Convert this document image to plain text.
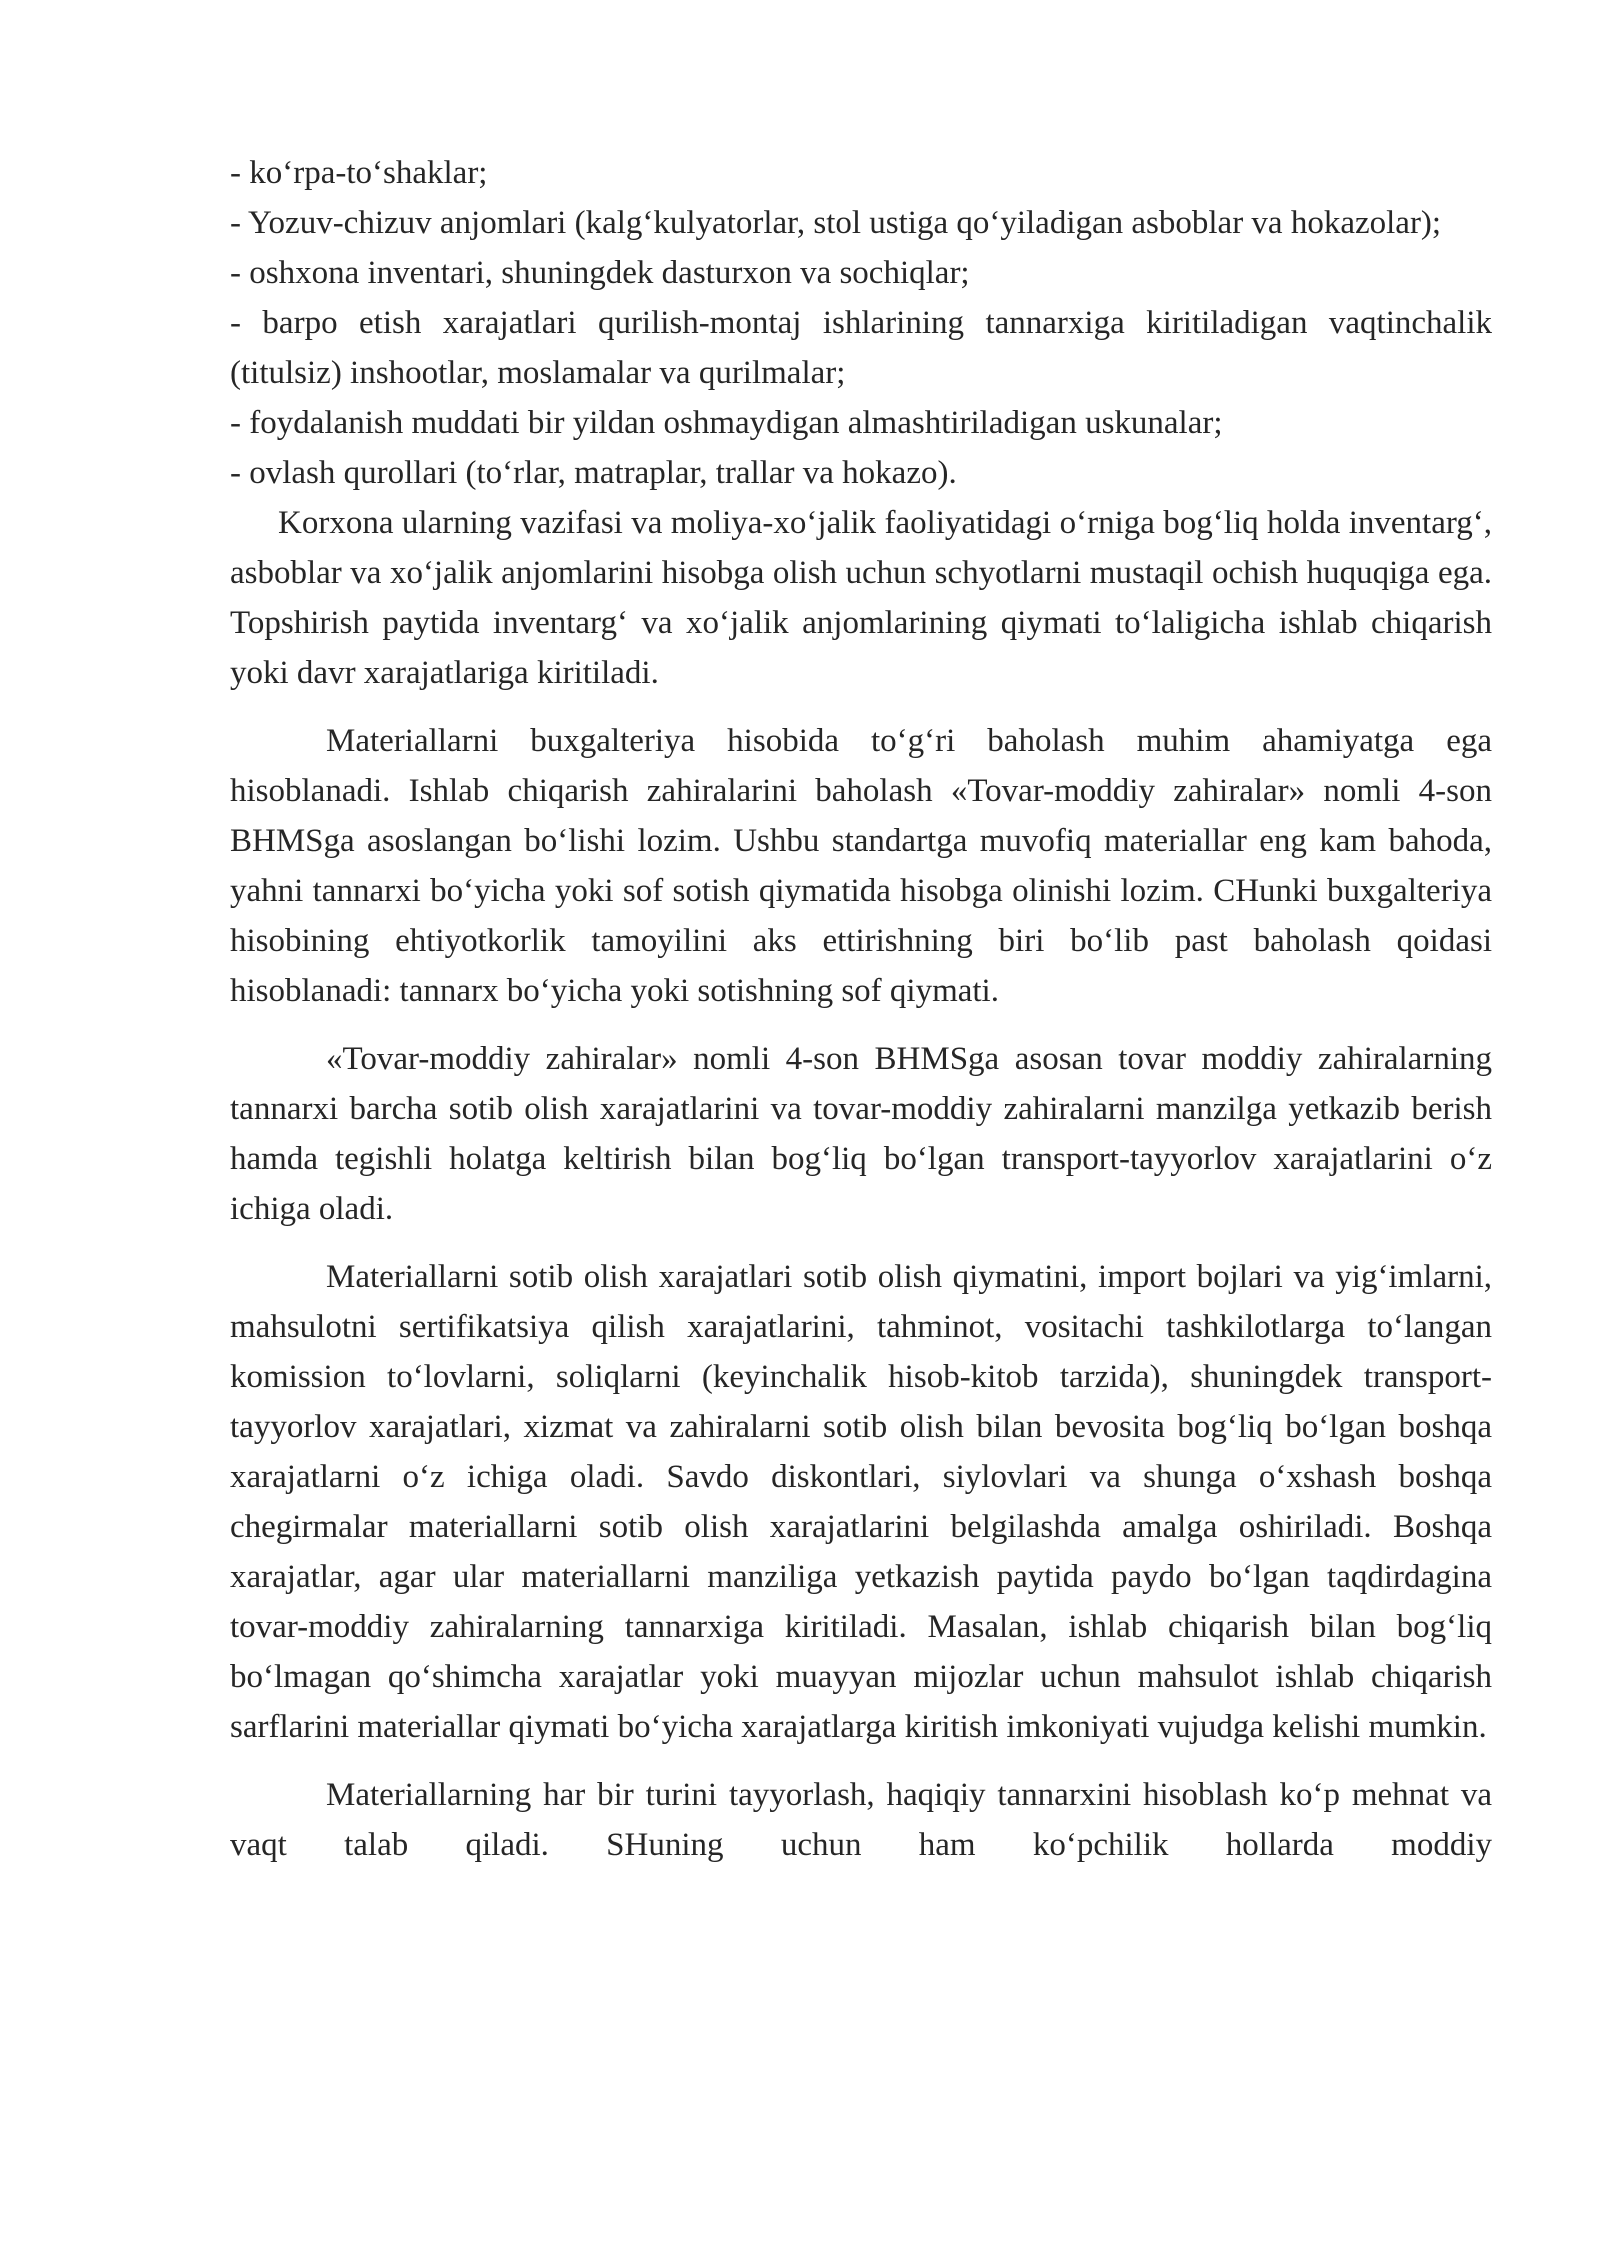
- ko‘rpa-to‘shaklar;

- Yozuv-chizuv anjomlari (kalg‘kulyatorlar, stol ustiga qo‘yiladigan asboblar va hokazolar);

- oshxona inventari, shuningdek dasturxon va sochiqlar;

- barpo etish xarajatlari qurilish-montaj ishlarining tannarxiga kiritiladigan vaqtinchalik (titulsiz) inshootlar, moslamalar va qurilmalar;

- foydalanish muddati bir yildan oshmaydigan almashtiriladigan uskunalar;

- ovlash qurollari (to‘rlar, matraplar, trallar va hokazo).

Korxona ularning vazifasi va moliya-xo‘jalik faoliyatidagi o‘rniga bog‘liq holda inventarg‘, asboblar va xo‘jalik anjomlarini hisobga olish uchun schyotlarni mustaqil ochish huquqiga ega. Topshirish paytida inventarg‘ va xo‘jalik anjomlarining qiymati to‘laligicha ishlab chiqarish yoki davr xarajatlariga kiritiladi.

Materiallarni buxgalteriya hisobida to‘g‘ri baholash muhim ahamiyatga ega hisoblanadi. Ishlab chiqarish zahiralarini baholash «Tovar-moddiy zahiralar» nomli 4-son BHMSga asoslangan bo‘lishi lozim. Ushbu standartga muvofiq materiallar eng kam bahoda, yahni tannarxi bo‘yicha yoki sof sotish qiymatida hisobga olinishi lozim. CHunki buxgalteriya hisobining ehtiyotkorlik tamoyilini aks ettirishning biri bo‘lib past baholash qoidasi hisoblanadi: tannarx bo‘yicha yoki sotishning sof qiymati.

«Tovar-moddiy zahiralar» nomli 4-son BHMSga asosan tovar moddiy zahiralarning tannarxi barcha sotib olish xarajatlarini va tovar-moddiy zahiralarni manzilga yetkazib berish hamda tegishli holatga keltirish bilan bog‘liq bo‘lgan transport-tayyorlov xarajatlarini o‘z ichiga oladi.

Materiallarni sotib olish xarajatlari sotib olish qiymatini, import bojlari va yig‘imlarni, mahsulotni sertifikatsiya qilish xarajatlarini, tahminot, vositachi tashkilotlarga to‘langan komission to‘lovlarni, soliqlarni (keyinchalik hisob-kitob tarzida), shuningdek transport-tayyorlov xarajatlari, xizmat va zahiralarni sotib olish bilan bevosita bog‘liq bo‘lgan boshqa xarajatlarni o‘z ichiga oladi. Savdo diskontlari, siylovlari va shunga o‘xshash boshqa chegirmalar materiallarni sotib olish xarajatlarini belgilashda amalga oshiriladi. Boshqa xarajatlar, agar ular materiallarni manziliga yetkazish paytida paydo bo‘lgan taqdirdagina tovar-moddiy zahiralarning tannarxiga kiritiladi. Masalan, ishlab chiqarish bilan bog‘liq bo‘lmagan qo‘shimcha xarajatlar yoki muayyan mijozlar uchun mahsulot ishlab chiqarish sarflarini materiallar qiymati bo‘yicha xarajatlarga kiritish imkoniyati vujudga kelishi mumkin.

Materiallarning har bir turini tayyorlash, haqiqiy tannarxini hisoblash ko‘p mehnat va vaqt talab qiladi. SHuning uchun ham ko‘pchilik hollarda moddiy
